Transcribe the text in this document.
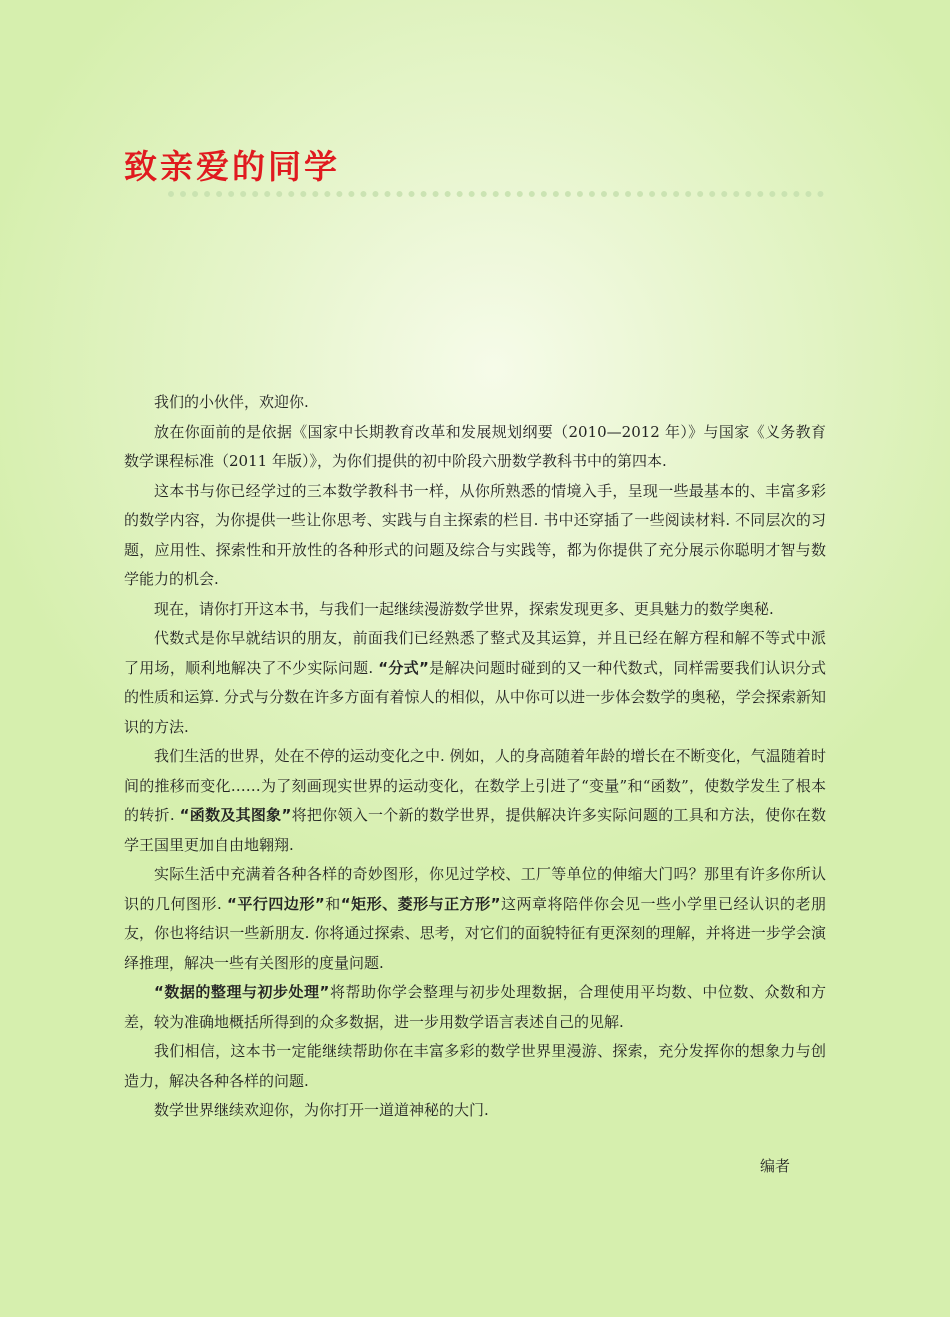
致亲爱的同学

我们的小伙伴，欢迎你.

放在你面前的是依据《国家中长期教育改革和发展规划纲要（2010—2012 年）》与国家《义务教育数学课程标准（2011 年版）》，为你们提供的初中阶段六册数学教科书中的第四本.

这本书与你已经学过的三本数学教科书一样，从你所熟悉的情境入手，呈现一些最基本的、丰富多彩的数学内容，为你提供一些让你思考、实践与自主探索的栏目. 书中还穿插了一些阅读材料. 不同层次的习题，应用性、探索性和开放性的各种形式的问题及综合与实践等，都为你提供了充分展示你聪明才智与数学能力的机会.

现在，请你打开这本书，与我们一起继续漫游数学世界，探索发现更多、更具魅力的数学奥秘.

代数式是你早就结识的朋友，前面我们已经熟悉了整式及其运算，并且已经在解方程和解不等式中派了用场，顺利地解决了不少实际问题. “分式”是解决问题时碰到的又一种代数式，同样需要我们认识分式的性质和运算. 分式与分数在许多方面有着惊人的相似，从中你可以进一步体会数学的奥秘，学会探索新知识的方法.

我们生活的世界，处在不停的运动变化之中. 例如，人的身高随着年龄的增长在不断变化，气温随着时间的推移而变化……为了刻画现实世界的运动变化，在数学上引进了“变量”和“函数”，使数学发生了根本的转折. “函数及其图象”将把你领入一个新的数学世界，提供解决许多实际问题的工具和方法，使你在数学王国里更加自由地翱翔.

实际生活中充满着各种各样的奇妙图形，你见过学校、工厂等单位的伸缩大门吗？那里有许多你所认识的几何图形. “平行四边形”和“矩形、菱形与正方形”这两章将陪伴你会见一些小学里已经认识的老朋友，你也将结识一些新朋友. 你将通过探索、思考，对它们的面貌特征有更深刻的理解，并将进一步学会演绎推理，解决一些有关图形的度量问题.

“数据的整理与初步处理”将帮助你学会整理与初步处理数据，合理使用平均数、中位数、众数和方差，较为准确地概括所得到的众多数据，进一步用数学语言表述自己的见解.

我们相信，这本书一定能继续帮助你在丰富多彩的数学世界里漫游、探索，充分发挥你的想象力与创造力，解决各种各样的问题.

数学世界继续欢迎你，为你打开一道道神秘的大门.

编者
